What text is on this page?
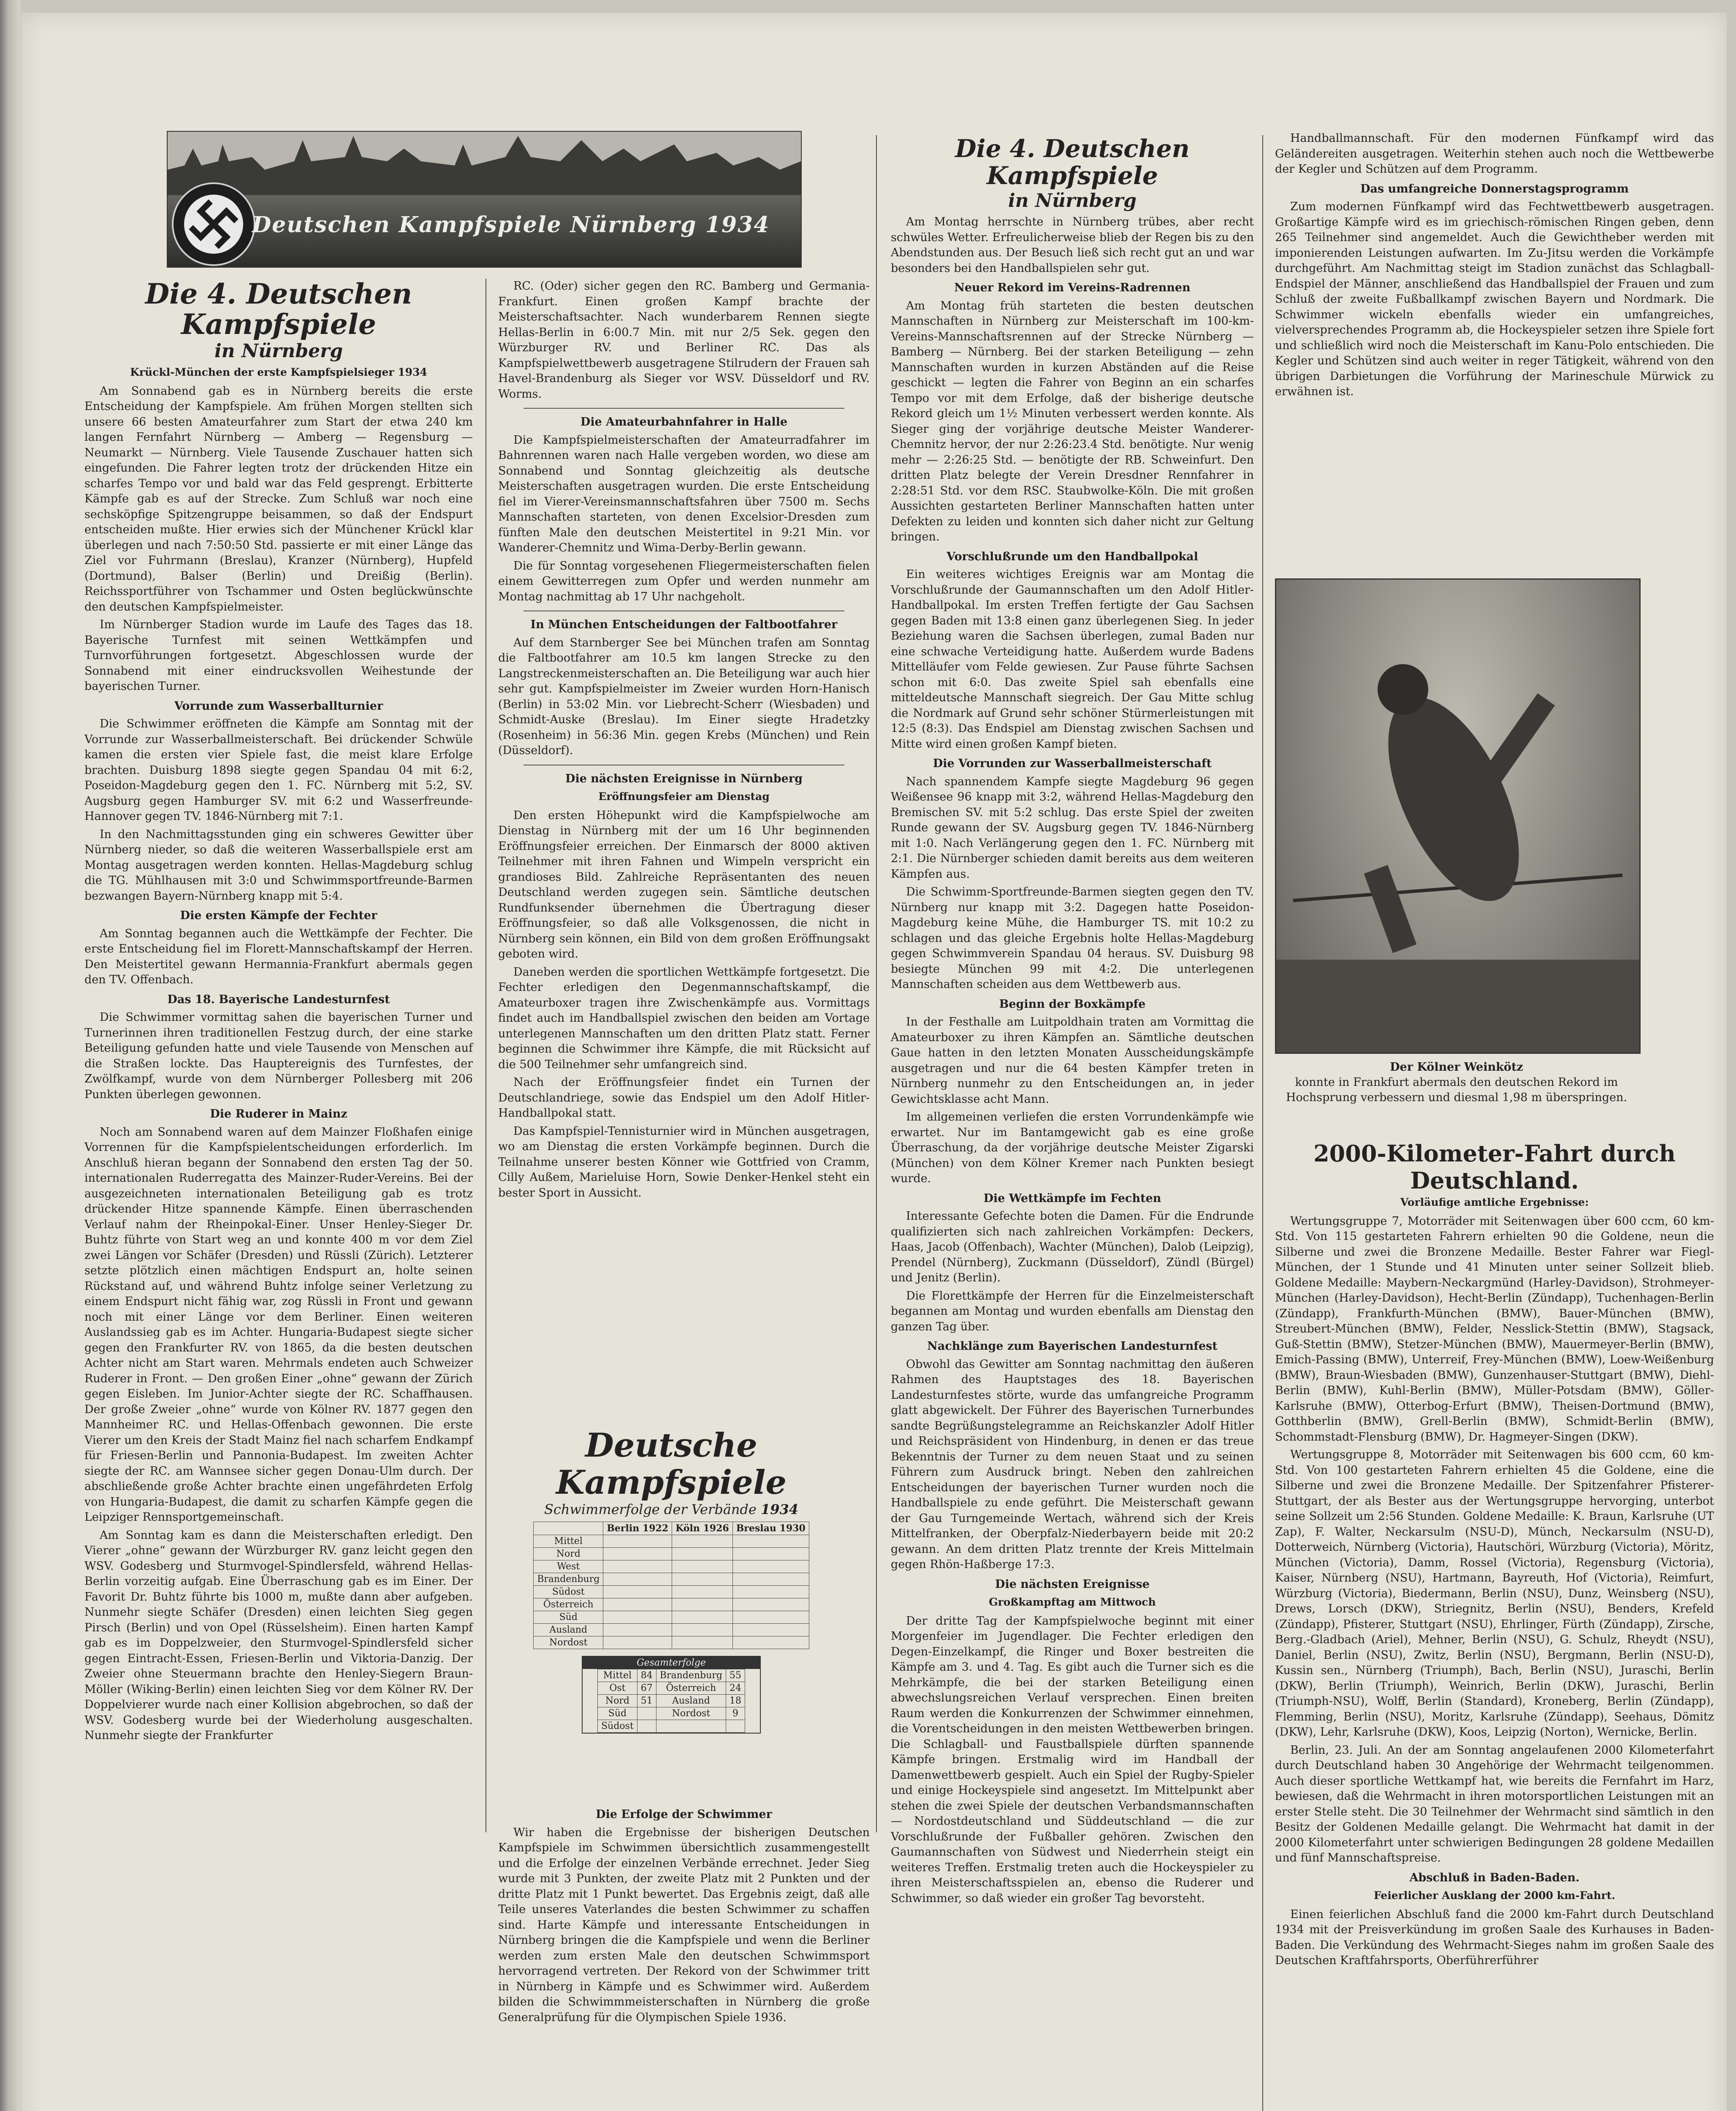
Deutschen Kampfspiele Nürnberg 1934
Die 4. Deutschen Kampfspiele
in Nürnberg
Krückl-München der erste Kampfspielsieger 1934

Am Sonnabend gab es in Nürnberg bereits die erste Entscheidung der Kampfspiele. Am frühen Morgen stellten sich unsere 66 besten Amateurfahrer zum Start der etwa 240 km langen Fernfahrt Nürnberg — Amberg — Regensburg — Neumarkt — Nürnberg. Viele Tausende Zuschauer hatten sich eingefunden. Die Fahrer legten trotz der drückenden Hitze ein scharfes Tempo vor und bald war das Feld gesprengt. Erbitterte Kämpfe gab es auf der Strecke. Zum Schluß war noch eine sechsköpfige Spitzengruppe beisammen, so daß der Endspurt entscheiden mußte. Hier erwies sich der Münchener Krückl klar überlegen und nach 7:50:50 Std. passierte er mit einer Länge das Ziel vor Fuhrmann (Breslau), Kranzer (Nürnberg), Hupfeld (Dortmund), Balser (Berlin) und Dreißig (Berlin). Reichssportführer von Tschammer und Osten beglückwünschte den deutschen Kampfspielmeister.

Im Nürnberger Stadion wurde im Laufe des Tages das 18. Bayerische Turnfest mit seinen Wettkämpfen und Turnvorführungen fortgesetzt. Abgeschlossen wurde der Sonnabend mit einer eindrucksvollen Weihestunde der bayerischen Turner.

Vorrunde zum Wasserballturnier

Die Schwimmer eröffneten die Kämpfe am Sonntag mit der Vorrunde zur Wasserballmeisterschaft. Bei drückender Schwüle kamen die ersten vier Spiele fast, die meist klare Erfolge brachten. Duisburg 1898 siegte gegen Spandau 04 mit 6:2, Poseidon-Magdeburg gegen den 1. FC. Nürnberg mit 5:2, SV. Augsburg gegen Hamburger SV. mit 6:2 und Wasserfreunde-Hannover gegen TV. 1846-Nürnberg mit 7:1.

In den Nachmittagsstunden ging ein schweres Gewitter über Nürnberg nieder, so daß die weiteren Wasserballspiele erst am Montag ausgetragen werden konnten. Hellas-Magdeburg schlug die TG. Mühlhausen mit 3:0 und Schwimmsportfreunde-Barmen bezwangen Bayern-Nürnberg knapp mit 5:4.

Die ersten Kämpfe der Fechter

Am Sonntag begannen auch die Wettkämpfe der Fechter. Die erste Entscheidung fiel im Florett-Mannschaftskampf der Herren. Den Meistertitel gewann Hermannia-Frankfurt abermals gegen den TV. Offenbach.

Das 18. Bayerische Landesturnfest

Die Schwimmer vormittag sahen die bayerischen Turner und Turnerinnen ihren traditionellen Festzug durch, der eine starke Beteiligung gefunden hatte und viele Tausende von Menschen auf die Straßen lockte. Das Hauptereignis des Turnfestes, der Zwölfkampf, wurde von dem Nürnberger Pollesberg mit 206 Punkten überlegen gewonnen.

Die Ruderer in Mainz

Noch am Sonnabend waren auf dem Mainzer Floßhafen einige Vorrennen für die Kampfspielentscheidungen erforderlich. Im Anschluß hieran begann der Sonnabend den ersten Tag der 50. internationalen Ruderregatta des Mainzer-Ruder-Vereins. Bei der ausgezeichneten internationalen Beteiligung gab es trotz drückender Hitze spannende Kämpfe. Einen überraschenden Verlauf nahm der Rheinpokal-Einer. Unser Henley-Sieger Dr. Buhtz führte von Start weg an und konnte 400 m vor dem Ziel zwei Längen vor Schäfer (Dresden) und Rüssli (Zürich). Letzterer setzte plötzlich einen mächtigen Endspurt an, holte seinen Rückstand auf, und während Buhtz infolge seiner Verletzung zu einem Endspurt nicht fähig war, zog Rüssli in Front und gewann noch mit einer Länge vor dem Berliner. Einen weiteren Auslandssieg gab es im Achter. Hungaria-Budapest siegte sicher gegen den Frankfurter RV. von 1865, da die besten deutschen Achter nicht am Start waren. Mehrmals endeten auch Schweizer Ruderer in Front. — Den großen Einer „ohne“ gewann der Zürich gegen Eisleben. Im Junior-Achter siegte der RC. Schaffhausen. Der große Zweier „ohne“ wurde von Kölner RV. 1877 gegen den Mannheimer RC. und Hellas-Offenbach gewonnen. Die erste Vierer um den Kreis der Stadt Mainz fiel nach scharfem Endkampf für Friesen-Berlin und Pannonia-Budapest. Im zweiten Achter siegte der RC. am Wannsee sicher gegen Donau-Ulm durch. Der abschließende große Achter brachte einen ungefährdeten Erfolg von Hungaria-Budapest, die damit zu scharfen Kämpfe gegen die Leipziger Rennsportgemeinschaft.

Am Sonntag kam es dann die Meisterschaften erledigt. Den Vierer „ohne“ gewann der Würzburger RV. ganz leicht gegen den WSV. Godesberg und Sturmvogel-Spindlersfeld, während Hellas-Berlin vorzeitig aufgab. Eine Überraschung gab es im Einer. Der Favorit Dr. Buhtz führte bis 1000 m, mußte dann aber aufgeben. Nunmehr siegte Schäfer (Dresden) einen leichten Sieg gegen Pirsch (Berlin) und von Opel (Rüsselsheim). Einen harten Kampf gab es im Doppelzweier, den Sturmvogel-Spindlersfeld sicher gegen Eintracht-Essen, Friesen-Berlin und Viktoria-Danzig. Der Zweier ohne Steuermann brachte den Henley-Siegern Braun-Möller (Wiking-Berlin) einen leichten Sieg vor dem Kölner RV. Der Doppelvierer wurde nach einer Kollision abgebrochen, so daß der WSV. Godesberg wurde bei der Wiederholung ausgeschalten. Nunmehr siegte der Frankfurter

RC. (Oder) sicher gegen den RC. Bamberg und Germania-Frankfurt. Einen großen Kampf brachte der Meisterschaftsachter. Nach wunderbarem Rennen siegte Hellas-Berlin in 6:00.7 Min. mit nur 2/5 Sek. gegen den Würzburger RV. und Berliner RC. Das als Kampfspielwettbewerb ausgetragene Stilrudern der Frauen sah Havel-Brandenburg als Sieger vor WSV. Düsseldorf und RV. Worms.

Die Amateurbahnfahrer in Halle

Die Kampfspielmeisterschaften der Amateurradfahrer im Bahnrennen waren nach Halle vergeben worden, wo diese am Sonnabend und Sonntag gleichzeitig als deutsche Meisterschaften ausgetragen wurden. Die erste Entscheidung fiel im Vierer-Vereinsmannschaftsfahren über 7500 m. Sechs Mannschaften starteten, von denen Excelsior-Dresden zum fünften Male den deutschen Meistertitel in 9:21 Min. vor Wanderer-Chemnitz und Wima-Derby-Berlin gewann.

Die für Sonntag vorgesehenen Fliegermeisterschaften fielen einem Gewitterregen zum Opfer und werden nunmehr am Montag nachmittag ab 17 Uhr nachgeholt.

In München Entscheidungen der Faltbootfahrer

Auf dem Starnberger See bei München trafen am Sonntag die Faltbootfahrer am 10.5 km langen Strecke zu den Langstreckenmeisterschaften an. Die Beteiligung war auch hier sehr gut. Kampfspielmeister im Zweier wurden Horn-Hanisch (Berlin) in 53:02 Min. vor Liebrecht-Scherr (Wiesbaden) und Schmidt-Auske (Breslau). Im Einer siegte Hradetzky (Rosenheim) in 56:36 Min. gegen Krebs (München) und Rein (Düsseldorf).

Die nächsten Ereignisse in Nürnberg
Eröffnungsfeier am Dienstag

Den ersten Höhepunkt wird die Kampfspielwoche am Dienstag in Nürnberg mit der um 16 Uhr beginnenden Eröffnungsfeier erreichen. Der Einmarsch der 8000 aktiven Teilnehmer mit ihren Fahnen und Wimpeln verspricht ein grandioses Bild. Zahlreiche Repräsentanten des neuen Deutschland werden zugegen sein. Sämtliche deutschen Rundfunksender übernehmen die Übertragung dieser Eröffnungsfeier, so daß alle Volksgenossen, die nicht in Nürnberg sein können, ein Bild von dem großen Eröffnungsakt geboten wird.

Daneben werden die sportlichen Wettkämpfe fortgesetzt. Die Fechter erledigen den Degenmannschaftskampf, die Amateurboxer tragen ihre Zwischenkämpfe aus. Vormittags findet auch im Handballspiel zwischen den beiden am Vortage unterlegenen Mannschaften um den dritten Platz statt. Ferner beginnen die Schwimmer ihre Kämpfe, die mit Rücksicht auf die 500 Teilnehmer sehr umfangreich sind.

Nach der Eröffnungsfeier findet ein Turnen der Deutschlandriege, sowie das Endspiel um den Adolf Hitler-Handballpokal statt.

Das Kampfspiel-Tennisturnier wird in München ausgetragen, wo am Dienstag die ersten Vorkämpfe beginnen. Durch die Teilnahme unserer besten Könner wie Gottfried von Cramm, Cilly Außem, Marieluise Horn, Sowie Denker-Henkel steht ein bester Sport in Aussicht.

Deutsche Kampfspiele
Schwimmerfolge der Verbände 1934
	Berlin 1922	Köln 1926	Breslau 1930
Mittel			
Nord			
West			
Brandenburg			
Südost			
Österreich			
Süd			
Ausland			
Nordost			
Gesamterfolge
Mittel	84	Brandenburg	55
Ost	67	Österreich	24
Nord	51	Ausland	18
Süd		Nordost	9
Südost			
Die Erfolge der Schwimmer

Wir haben die Ergebnisse der bisherigen Deutschen Kampfspiele im Schwimmen übersichtlich zusammengestellt und die Erfolge der einzelnen Verbände errechnet. Jeder Sieg wurde mit 3 Punkten, der zweite Platz mit 2 Punkten und der dritte Platz mit 1 Punkt bewertet. Das Ergebnis zeigt, daß alle Teile unseres Vaterlandes die besten Schwimmer zu schaffen sind. Harte Kämpfe und interessante Entscheidungen in Nürnberg bringen die die Kampfspiele und wenn die Berliner werden zum ersten Male den deutschen Schwimmsport hervorragend vertreten. Der Rekord von der Schwimmer tritt in Nürnberg in Kämpfe und es Schwimmer wird. Außerdem bilden die Schwimmmeisterschaften in Nürnberg die große Generalprüfung für die Olympischen Spiele 1936.

Die 4. Deutschen Kampfspiele
in Nürnberg

Am Montag herrschte in Nürnberg trübes, aber recht schwüles Wetter. Erfreulicherweise blieb der Regen bis zu den Abendstunden aus. Der Besuch ließ sich recht gut an und war besonders bei den Handballspielen sehr gut.

Neuer Rekord im Vereins-Radrennen

Am Montag früh starteten die besten deutschen Mannschaften in Nürnberg zur Meisterschaft im 100-km-Vereins-Mannschaftsrennen auf der Strecke Nürnberg — Bamberg — Nürnberg. Bei der starken Beteiligung — zehn Mannschaften wurden in kurzen Abständen auf die Reise geschickt — legten die Fahrer von Beginn an ein scharfes Tempo vor mit dem Erfolge, daß der bisherige deutsche Rekord gleich um 1½ Minuten verbessert werden konnte. Als Sieger ging der vorjährige deutsche Meister Wanderer-Chemnitz hervor, der nur 2:26:23.4 Std. benötigte. Nur wenig mehr — 2:26:25 Std. — benötigte der RB. Schweinfurt. Den dritten Platz belegte der Verein Dresdner Rennfahrer in 2:28:51 Std. vor dem RSC. Staubwolke-Köln. Die mit großen Aussichten gestarteten Berliner Mannschaften hatten unter Defekten zu leiden und konnten sich daher nicht zur Geltung bringen.

Vorschlußrunde um den Handballpokal

Ein weiteres wichtiges Ereignis war am Montag die Vorschlußrunde der Gaumannschaften um den Adolf Hitler-Handballpokal. Im ersten Treffen fertigte der Gau Sachsen gegen Baden mit 13:8 einen ganz überlegenen Sieg. In jeder Beziehung waren die Sachsen überlegen, zumal Baden nur eine schwache Verteidigung hatte. Außerdem wurde Badens Mittelläufer vom Felde gewiesen. Zur Pause führte Sachsen schon mit 6:0. Das zweite Spiel sah ebenfalls eine mitteldeutsche Mannschaft siegreich. Der Gau Mitte schlug die Nordmark auf Grund sehr schöner Stürmerleistungen mit 12:5 (8:3). Das Endspiel am Dienstag zwischen Sachsen und Mitte wird einen großen Kampf bieten.

Die Vorrunden zur Wasserballmeisterschaft

Nach spannendem Kampfe siegte Magdeburg 96 gegen Weißensee 96 knapp mit 3:2, während Hellas-Magdeburg den Bremischen SV. mit 5:2 schlug. Das erste Spiel der zweiten Runde gewann der SV. Augsburg gegen TV. 1846-Nürnberg mit 1:0. Nach Verlängerung gegen den 1. FC. Nürnberg mit 2:1. Die Nürnberger schieden damit bereits aus dem weiteren Kämpfen aus.

Die Schwimm-Sportfreunde-Barmen siegten gegen den TV. Nürnberg nur knapp mit 3:2. Dagegen hatte Poseidon-Magdeburg keine Mühe, die Hamburger TS. mit 10:2 zu schlagen und das gleiche Ergebnis holte Hellas-Magdeburg gegen Schwimmverein Spandau 04 heraus. SV. Duisburg 98 besiegte München 99 mit 4:2. Die unterlegenen Mannschaften scheiden aus dem Wettbewerb aus.

Beginn der Boxkämpfe

In der Festhalle am Luitpoldhain traten am Vormittag die Amateurboxer zu ihren Kämpfen an. Sämtliche deutschen Gaue hatten in den letzten Monaten Ausscheidungskämpfe ausgetragen und nur die 64 besten Kämpfer treten in Nürnberg nunmehr zu den Entscheidungen an, in jeder Gewichtsklasse acht Mann.

Im allgemeinen verliefen die ersten Vorrundenkämpfe wie erwartet. Nur im Bantamgewicht gab es eine große Überraschung, da der vorjährige deutsche Meister Zigarski (München) von dem Kölner Kremer nach Punkten besiegt wurde.

Die Wettkämpfe im Fechten

Interessante Gefechte boten die Damen. Für die Endrunde qualifizierten sich nach zahlreichen Vorkämpfen: Deckers, Haas, Jacob (Offenbach), Wachter (München), Dalob (Leipzig), Prendel (Nürnberg), Zuckmann (Düsseldorf), Zündl (Bürgel) und Jenitz (Berlin).

Die Florettkämpfe der Herren für die Einzelmeisterschaft begannen am Montag und wurden ebenfalls am Dienstag den ganzen Tag über.

Nachklänge zum Bayerischen Landesturnfest

Obwohl das Gewitter am Sonntag nachmittag den äußeren Rahmen des Hauptstages des 18. Bayerischen Landesturnfestes störte, wurde das umfangreiche Programm glatt abgewickelt. Der Führer des Bayerischen Turnerbundes sandte Begrüßungstelegramme an Reichskanzler Adolf Hitler und Reichspräsident von Hindenburg, in denen er das treue Bekenntnis der Turner zu dem neuen Staat und zu seinen Führern zum Ausdruck bringt. Neben den zahlreichen Entscheidungen der bayerischen Turner wurden noch die Handballspiele zu ende geführt. Die Meisterschaft gewann der Gau Turngemeinde Wertach, während sich der Kreis Mittelfranken, der Oberpfalz-Niederbayern beide mit 20:2 gewann. An dem dritten Platz trennte der Kreis Mittelmain gegen Rhön-Haßberge 17:3.

Die nächsten Ereignisse
Großkampftag am Mittwoch

Der dritte Tag der Kampfspielwoche beginnt mit einer Morgenfeier im Jugendlager. Die Fechter erledigen den Degen-Einzelkampf, die Ringer und Boxer bestreiten die Kämpfe am 3. und 4. Tag. Es gibt auch die Turner sich es die Mehrkämpfe, die bei der starken Beteiligung einen abwechslungsreichen Verlauf versprechen. Einen breiten Raum werden die Konkurrenzen der Schwimmer einnehmen, die Vorentscheidungen in den meisten Wettbewerben bringen. Die Schlagball- und Faustballspiele dürften spannende Kämpfe bringen. Erstmalig wird im Handball der Damenwettbewerb gespielt. Auch ein Spiel der Rugby-Spieler und einige Hockeyspiele sind angesetzt. Im Mittelpunkt aber stehen die zwei Spiele der deutschen Verbandsmannschaften — Nordostdeutschland und Süddeutschland — die zur Vorschlußrunde der Fußballer gehören. Zwischen den Gaumannschaften von Südwest und Niederrhein steigt ein weiteres Treffen. Erstmalig treten auch die Hockeyspieler zu ihren Meisterschaftsspielen an, ebenso die Ruderer und Schwimmer, so daß wieder ein großer Tag bevorsteht.

Handballmannschaft. Für den modernen Fünfkampf wird das Geländereiten ausgetragen. Weiterhin stehen auch noch die Wettbewerbe der Kegler und Schützen auf dem Programm.

Das umfangreiche Donnerstagsprogramm

Zum modernen Fünfkampf wird das Fechtwettbewerb ausgetragen. Großartige Kämpfe wird es im griechisch-römischen Ringen geben, denn 265 Teilnehmer sind angemeldet. Auch die Gewichtheber werden mit imponierenden Leistungen aufwarten. Im Zu-Jitsu werden die Vorkämpfe durchgeführt. Am Nachmittag steigt im Stadion zunächst das Schlagball-Endspiel der Männer, anschließend das Handballspiel der Frauen und zum Schluß der zweite Fußballkampf zwischen Bayern und Nordmark. Die Schwimmer wickeln ebenfalls wieder ein umfangreiches, vielversprechendes Programm ab, die Hockeyspieler setzen ihre Spiele fort und schließlich wird noch die Meisterschaft im Kanu-Polo entschieden. Die Kegler und Schützen sind auch weiter in reger Tätigkeit, während von den übrigen Darbietungen die Vorführung der Marineschule Mürwick zu erwähnen ist.

Der Kölner Weinkötz
konnte in Frankfurt abermals den deutschen Rekord im Hochsprung verbessern und diesmal 1,98 m überspringen.
2000-Kilometer-Fahrt durch Deutschland.
Vorläufige amtliche Ergebnisse:

Wertungsgruppe 7, Motorräder mit Seitenwagen über 600 ccm, 60 km-Std. Von 115 gestarteten Fahrern erhielten 90 die Goldene, neun die Silberne und zwei die Bronzene Medaille. Bester Fahrer war Fiegl-München, der 1 Stunde und 41 Minuten unter seiner Sollzeit blieb. Goldene Medaille: Maybern-Neckargmünd (Harley-Davidson), Strohmeyer-München (Harley-Davidson), Hecht-Berlin (Zündapp), Tuchenhagen-Berlin (Zündapp), Frankfurth-München (BMW), Bauer-München (BMW), Streubert-München (BMW), Felder, Nesslick-Stettin (BMW), Stagsack, Guß-Stettin (BMW), Stetzer-München (BMW), Mauermeyer-Berlin (BMW), Emich-Passing (BMW), Unterreif, Frey-München (BMW), Loew-Weißenburg (BMW), Braun-Wiesbaden (BMW), Gunzenhauser-Stuttgart (BMW), Diehl-Berlin (BMW), Kuhl-Berlin (BMW), Müller-Potsdam (BMW), Göller-Karlsruhe (BMW), Otterbog-Erfurt (BMW), Theisen-Dortmund (BMW), Gotthberlin (BMW), Grell-Berlin (BMW), Schmidt-Berlin (BMW), Schommstadt-Flensburg (BMW), Dr. Hagmeyer-Singen (DKW).

Wertungsgruppe 8, Motorräder mit Seitenwagen bis 600 ccm, 60 km-Std. Von 100 gestarteten Fahrern erhielten 45 die Goldene, eine die Silberne und zwei die Bronzene Medaille. Der Spitzenfahrer Pfisterer-Stuttgart, der als Bester aus der Wertungsgruppe hervorging, unterbot seine Sollzeit um 2:56 Stunden. Goldene Medaille: K. Braun, Karlsruhe (UT Zap), F. Walter, Neckarsulm (NSU-D), Münch, Neckarsulm (NSU-D), Dotterweich, Nürnberg (Victoria), Hautschöri, Würzburg (Victoria), Möritz, München (Victoria), Damm, Rossel (Victoria), Regensburg (Victoria), Kaiser, Nürnberg (NSU), Hartmann, Bayreuth, Hof (Victoria), Reimfurt, Würzburg (Victoria), Biedermann, Berlin (NSU), Dunz, Weinsberg (NSU), Drews, Lorsch (DKW), Striegnitz, Berlin (NSU), Benders, Krefeld (Zündapp), Pfisterer, Stuttgart (NSU), Ehrlinger, Fürth (Zündapp), Zirsche, Berg.-Gladbach (Ariel), Mehner, Berlin (NSU), G. Schulz, Rheydt (NSU), Daniel, Berlin (NSU), Zwitz, Berlin (NSU), Bergmann, Berlin (NSU-D), Kussin sen., Nürnberg (Triumph), Bach, Berlin (NSU), Juraschi, Berlin (DKW), Berlin (Triumph), Weinrich, Berlin (DKW), Juraschi, Berlin (Triumph-NSU), Wolff, Berlin (Standard), Kroneberg, Berlin (Zündapp), Flemming, Berlin (NSU), Moritz, Karlsruhe (Zündapp), Seehaus, Dömitz (DKW), Lehr, Karlsruhe (DKW), Koos, Leipzig (Norton), Wernicke, Berlin.

Berlin, 23. Juli. An der am Sonntag angelaufenen 2000 Kilometerfahrt durch Deutschland haben 30 Angehörige der Wehrmacht teilgenommen. Auch dieser sportliche Wettkampf hat, wie bereits die Fernfahrt im Harz, bewiesen, daß die Wehrmacht in ihren motorsportlichen Leistungen mit an erster Stelle steht. Die 30 Teilnehmer der Wehrmacht sind sämtlich in den Besitz der Goldenen Medaille gelangt. Die Wehrmacht hat damit in der 2000 Kilometerfahrt unter schwierigen Bedingungen 28 goldene Medaillen und fünf Mannschaftspreise.

Abschluß in Baden-Baden.
Feierlicher Ausklang der 2000 km-Fahrt.

Einen feierlichen Abschluß fand die 2000 km-Fahrt durch Deutschland 1934 mit der Preisverkündung im großen Saale des Kurhauses in Baden-Baden. Die Verkündung des Wehrmacht-Sieges nahm im großen Saale des Deutschen Kraftfahrsports, Oberführerführer
